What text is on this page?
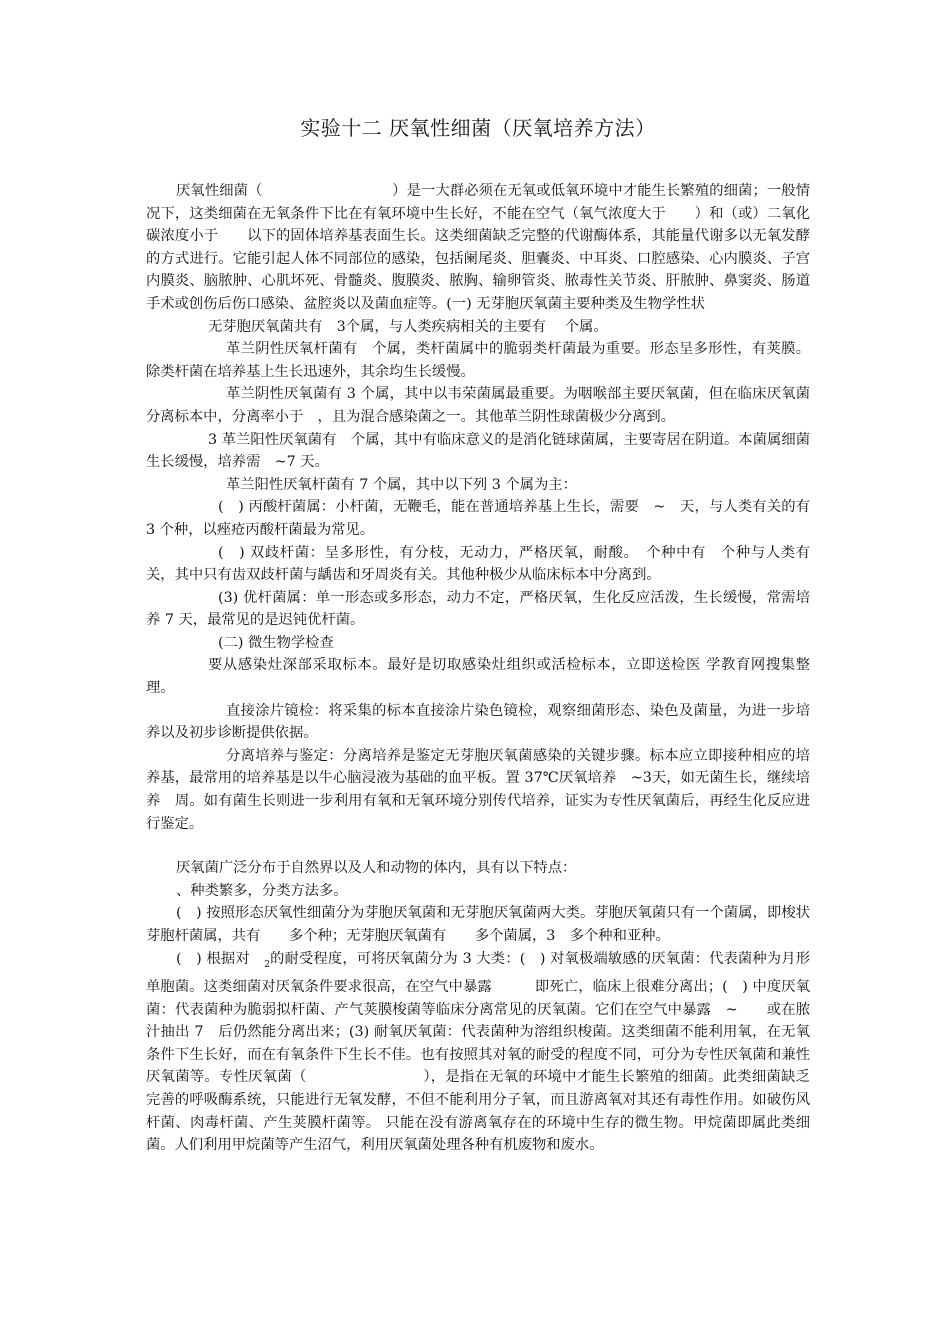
实验十二 厌氧性细菌（厌氧培养方法）

厌氧性细菌（　　　　　　　　　）是一大群必须在无氧或低氧环境中才能生长繁殖的细菌；一般情况下，这类细菌在无氧条件下比在有氧环境中生长好，不能在空气（氧气浓度大于　　）和（或）二氧化碳浓度小于　　以下的固体培养基表面生长。这类细菌缺乏完整的代谢酶体系，其能量代谢多以无氧发酵的方式进行。它能引起人体不同部位的感染，包括阑尾炎、胆囊炎、中耳炎、口腔感染、心内膜炎、子宫内膜炎、脑脓肿、心肌坏死、骨髓炎、腹膜炎、脓胸、输卵管炎、脓毒性关节炎、肝脓肿、鼻窦炎、肠道手术或创伤后伤口感染、盆腔炎以及菌血症等。(一) 无芽胞厌氧菌主要种类及生物学性状

无芽胞厌氧菌共有　3个属，与人类疾病相关的主要有　 个属。

革兰阴性厌氧杆菌有　个属，类杆菌属中的脆弱类杆菌最为重要。形态呈多形性，有荚膜。除类杆菌在培养基上生长迅速外，其余均生长缓慢。

革兰阴性厌氧菌有 3 个属，其中以韦荣菌属最重要。为咽喉部主要厌氧菌，但在临床厌氧菌分离标本中，分离率小于　，且为混合感染菌之一。其他革兰阴性球菌极少分离到。

3 革兰阳性厌氧菌有　个属，其中有临床意义的是消化链球菌属，主要寄居在阴道。本菌属细菌生长缓慢，培养需　~7 天。

革兰阳性厌氧杆菌有 7 个属，其中以下列 3 个属为主：

(　) 丙酸杆菌属：小杆菌，无鞭毛，能在普通培养基上生长，需要　~　天，与人类有关的有 3 个种，以痤疮丙酸杆菌最为常见。

(　) 双歧杆菌：呈多形性，有分枝，无动力，严格厌氧，耐酸。　个种中有　个种与人类有关，其中只有齿双歧杆菌与龋齿和牙周炎有关。其他种极少从临床标本中分离到。

(3) 优杆菌属：单一形态或多形态，动力不定，严格厌氧，生化反应活泼，生长缓慢，常需培养 7 天，最常见的是迟钝优杆菌。

(二) 微生物学检查

要从感染灶深部采取标本。最好是切取感染灶组织或活检标本，立即送检医 学教育网搜集整理。

直接涂片镜检：将采集的标本直接涂片染色镜检，观察细菌形态、染色及菌量，为进一步培养以及初步诊断提供依据。

分离培养与鉴定：分离培养是鉴定无芽胞厌氧菌感染的关键步骤。标本应立即接种相应的培养基，最常用的培养基是以牛心脑浸液为基础的血平板。置 37℃厌氧培养　~3天，如无菌生长，继续培养　周。如有菌生长则进一步利用有氧和无氧环境分别传代培养，证实为专性厌氧菌后，再经生化反应进行鉴定。

厌氧菌广泛分布于自然界以及人和动物的体内，具有以下特点：

、种类繁多，分类方法多。

(　) 按照形态厌氧性细菌分为芽胞厌氧菌和无芽胞厌氧菌两大类。芽胞厌氧菌只有一个菌属，即梭状芽胞杆菌属，共有　　多个种；无芽胞厌氧菌有　　多个菌属，3　多个种和亚种。

(　) 根据对　$_2$的耐受程度，可将厌氧菌分为 3 大类：(　) 对氧极端敏感的厌氧菌：代表菌种为月形单胞菌。这类细菌对厌氧条件要求很高，在空气中暴露　　　即死亡，临床上很难分离出；(　) 中度厌氧菌：代表菌种为脆弱拟杆菌、产气荚膜梭菌等临床分离常见的厌氧菌。它们在空气中暴露　~　　或在脓汁抽出 7　后仍然能分离出来；(3) 耐氧厌氧菌：代表菌种为溶组织梭菌。这类细菌不能利用氧，在无氧条件下生长好，而在有氧条件下生长不佳。也有按照其对氧的耐受的程度不同，可分为专性厌氧菌和兼性厌氧菌等。专性厌氧菌（　　　　　　　　），是指在无氧的环境中才能生长繁殖的细菌。此类细菌缺乏完善的呼吸酶系统，只能进行无氧发酵，不但不能利用分子氧，而且游离氧对其还有毒性作用。如破伤风杆菌、肉毒杆菌、产生荚膜杆菌等。 只能在没有游离氧存在的环境中生存的微生物。甲烷菌即属此类细菌。人们利用甲烷菌等产生沼气，利用厌氧菌处理各种有机废物和废水。
